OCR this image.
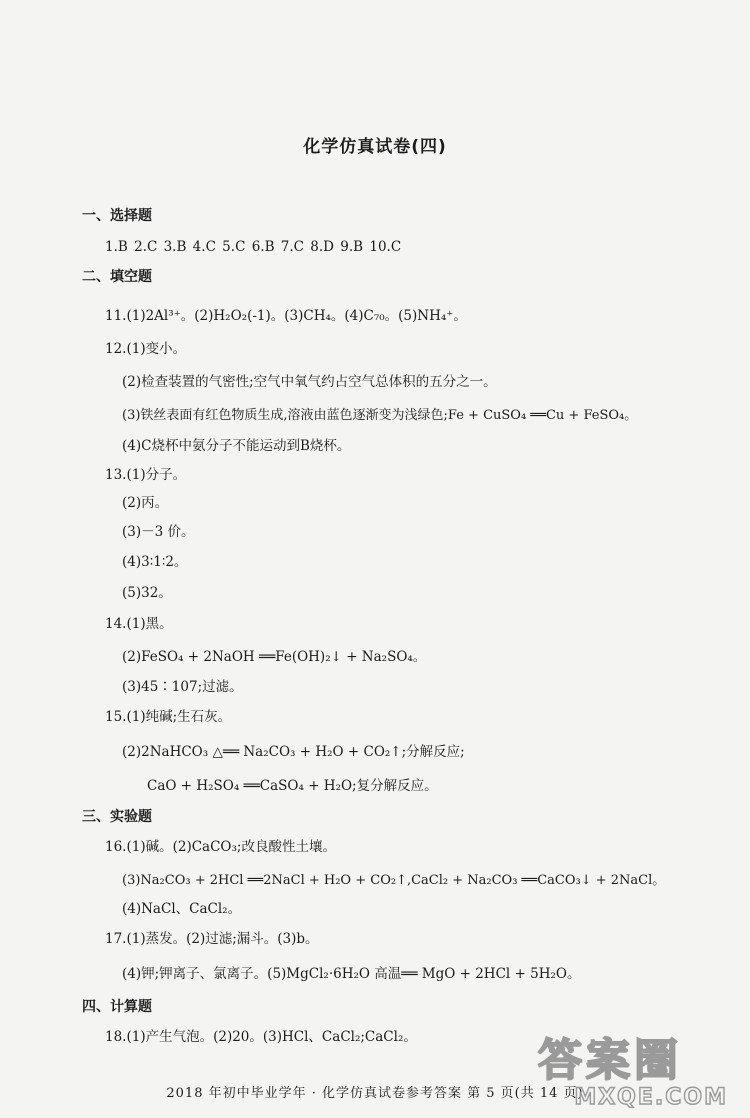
化学仿真试卷(四)
一、选择题
1.B 2.C 3.B 4.C 5.C 6.B 7.C 8.D 9.B 10.C
二、填空题
11.(1)2Al³⁺。(2)H₂O₂(-1)。(3)CH₄。(4)C₇₀。(5)NH₄⁺。
12.(1)变小。
(2)检查装置的气密性;空气中氧气约占空气总体积的五分之一。
(3)铁丝表面有红色物质生成,溶液由蓝色逐渐变为浅绿色;Fe + CuSO₄ ══Cu + FeSO₄。
(4)C烧杯中氨分子不能运动到B烧杯。
13.(1)分子。
(2)丙。
(3)－3 价。
(4)3∶1∶2。
(5)32。
14.(1)黑。
(2)FeSO₄ + 2NaOH ══Fe(OH)₂↓ + Na₂SO₄。
(3)45∶107;过滤。
15.(1)纯碱;生石灰。
(2)2NaHCO₃ △══ Na₂CO₃ + H₂O + CO₂↑;分解反应;
CaO + H₂SO₄ ══CaSO₄ + H₂O;复分解反应。
三、实验题
16.(1)碱。(2)CaCO₃;改良酸性土壤。
(3)Na₂CO₃ + 2HCl ══2NaCl + H₂O + CO₂↑,CaCl₂ + Na₂CO₃ ══CaCO₃↓ + 2NaCl。
(4)NaCl、CaCl₂。
17.(1)蒸发。(2)过滤;漏斗。(3)b。
(4)钾;钾离子、氯离子。(5)MgCl₂·6H₂O 高温══ MgO + 2HCl + 5H₂O。
四、计算题
18.(1)产生气泡。(2)20。(3)HCl、CaCl₂;CaCl₂。
2018 年初中毕业学年 · 化学仿真试卷参考答案 第 5 页(共 14 页)
答案圈
MXQE.COM
